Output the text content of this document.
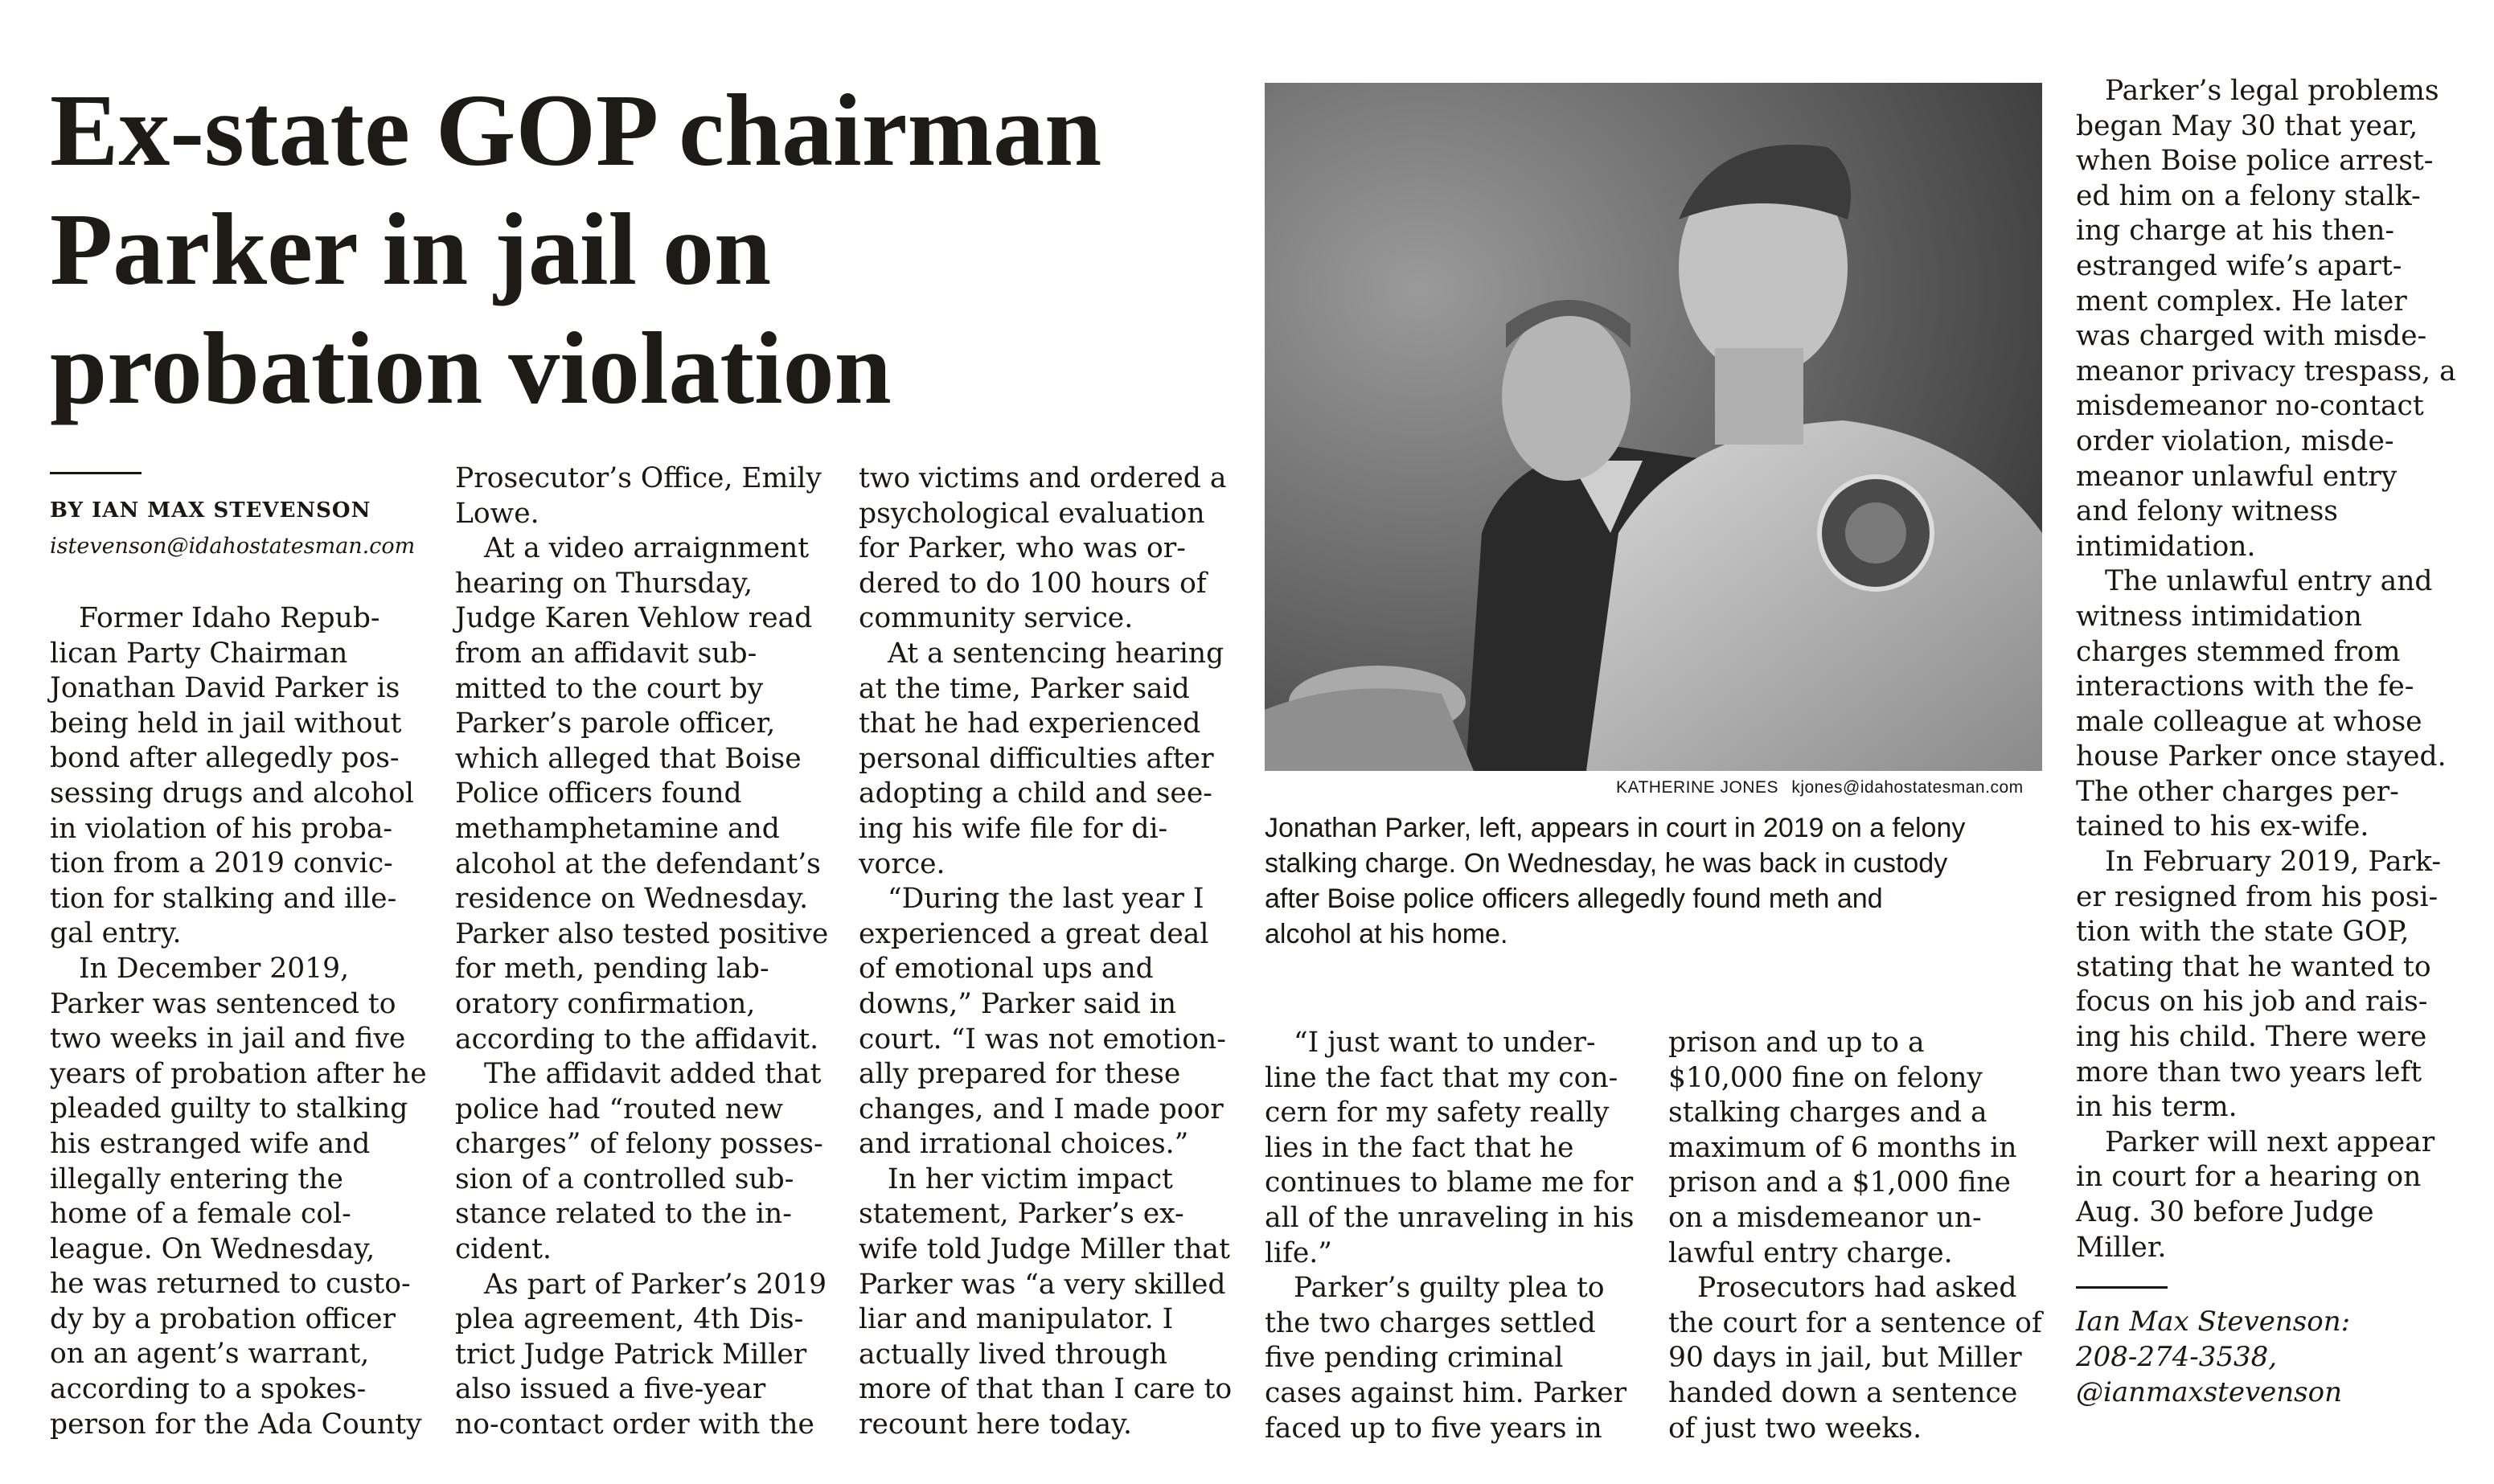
Ex-state GOP chairman
Parker in jail on
probation violation
BY IAN MAX STEVENSON
istevenson@idahostatesman.com

Former Idaho Repub-
lican Party Chairman
Jonathan David Parker is
being held in jail without
bond after allegedly pos-
sessing drugs and alcohol
in violation of his proba-
tion from a 2019 convic-
tion for stalking and ille-
gal entry.

In December 2019,
Parker was sentenced to
two weeks in jail and five
years of probation after he
pleaded guilty to stalking
his estranged wife and
illegally entering the
home of a female col-
league. On Wednesday,
he was returned to custo-
dy by a probation officer
on an agent’s warrant,
according to a spokes-
person for the Ada County

Prosecutor’s Office, Emily
Lowe.

At a video arraignment
hearing on Thursday,
Judge Karen Vehlow read
from an affidavit sub-
mitted to the court by
Parker’s parole officer,
which alleged that Boise
Police officers found
methamphetamine and
alcohol at the defendant’s
residence on Wednesday.
Parker also tested positive
for meth, pending lab-
oratory confirmation,
according to the affidavit.

The affidavit added that
police had “routed new
charges” of felony posses-
sion of a controlled sub-
stance related to the in-
cident.

As part of Parker’s 2019
plea agreement, 4th Dis-
trict Judge Patrick Miller
also issued a five-year
no-contact order with the

two victims and ordered a
psychological evaluation
for Parker, who was or-
dered to do 100 hours of
community service.

At a sentencing hearing
at the time, Parker said
that he had experienced
personal difficulties after
adopting a child and see-
ing his wife file for di-
vorce.

“During the last year I
experienced a great deal
of emotional ups and
downs,” Parker said in
court. “I was not emotion-
ally prepared for these
changes, and I made poor
and irrational choices.”

In her victim impact
statement, Parker’s ex-
wife told Judge Miller that
Parker was “a very skilled
liar and manipulator. I
actually lived through
more of that than I care to
recount here today.

KATHERINE JONES kjones@idahostatesman.com
Jonathan Parker, left, appears in court in 2019 on a felony
stalking charge. On Wednesday, he was back in custody
after Boise police officers allegedly found meth and
alcohol at his home.

“I just want to under-
line the fact that my con-
cern for my safety really
lies in the fact that he
continues to blame me for
all of the unraveling in his
life.”

Parker’s guilty plea to
the two charges settled
five pending criminal
cases against him. Parker
faced up to five years in

prison and up to a
$10,000 fine on felony
stalking charges and a
maximum of 6 months in
prison and a $1,000 fine
on a misdemeanor un-
lawful entry charge.

Prosecutors had asked
the court for a sentence of
90 days in jail, but Miller
handed down a sentence
of just two weeks.

Parker’s legal problems
began May 30 that year,
when Boise police arrest-
ed him on a felony stalk-
ing charge at his then-
estranged wife’s apart-
ment complex. He later
was charged with misde-
meanor privacy trespass, a
misdemeanor no-contact
order violation, misde-
meanor unlawful entry
and felony witness
intimidation.

The unlawful entry and
witness intimidation
charges stemmed from
interactions with the fe-
male colleague at whose
house Parker once stayed.
The other charges per-
tained to his ex-wife.

In February 2019, Park-
er resigned from his posi-
tion with the state GOP,
stating that he wanted to
focus on his job and rais-
ing his child. There were
more than two years left
in his term.

Parker will next appear
in court for a hearing on
Aug. 30 before Judge
Miller.

Ian Max Stevenson:
208-274-3538,
@ianmaxstevenson
